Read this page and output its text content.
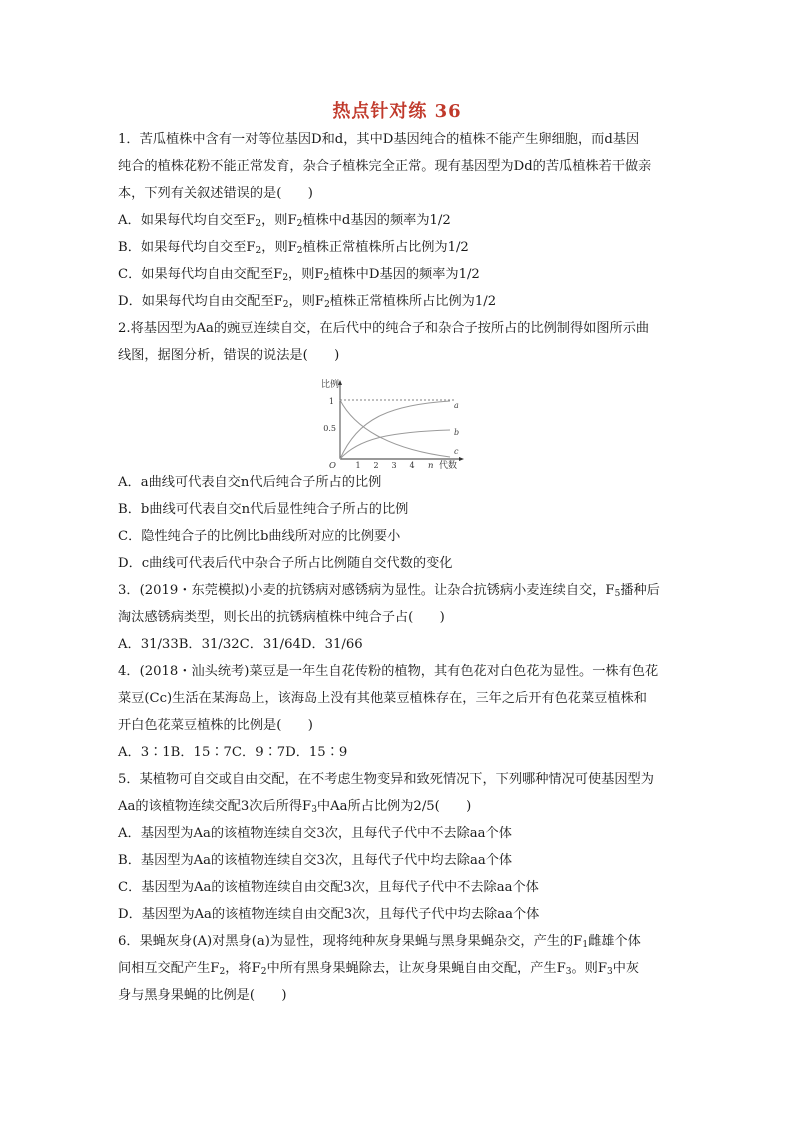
热点针对练 36
1．苦瓜植株中含有一对等位基因D和d，其中D基因纯合的植株不能产生卵细胞，而d基因
纯合的植株花粉不能正常发育，杂合子植株完全正常。现有基因型为Dd的苦瓜植株若干做亲
本，下列有关叙述错误的是(　　)
A．如果每代均自交至$F_2$，则$F_2$植株中d基因的频率为1/2
B．如果每代均自交至$F_2$，则$F_2$植株正常植株所占比例为1/2
C．如果每代均自由交配至$F_2$，则$F_2$植株中D基因的频率为1/2
D．如果每代均自由交配至$F_2$，则$F_2$植株正常植株所占比例为1/2
2.将基因型为Aa的豌豆连续自交，在后代中的纯合子和杂合子按所占的比例制得如图所示曲
线图，据图分析，错误的说法是(　　)
比例
1
0.5
O 1 2 3 4 n 代数
a
b
c
A．a曲线可代表自交n代后纯合子所占的比例
B．b曲线可代表自交n代后显性纯合子所占的比例
C．隐性纯合子的比例比b曲线所对应的比例要小
D．c曲线可代表后代中杂合子所占比例随自交代数的变化
3．(2019・东莞模拟)小麦的抗锈病对感锈病为显性。让杂合抗锈病小麦连续自交，$F_5$播种后
淘汰感锈病类型，则长出的抗锈病植株中纯合子占(　　)
A．31/33B．31/32C．31/64D．31/66
4．(2018・汕头统考)菜豆是一年生自花传粉的植物，其有色花对白色花为显性。一株有色花
菜豆(Cc)生活在某海岛上，该海岛上没有其他菜豆植株存在，三年之后开有色花菜豆植株和
开白色花菜豆植株的比例是(　　)
A．3∶1B．15∶7C．9∶7D．15∶9
5．某植物可自交或自由交配，在不考虑生物变异和致死情况下，下列哪种情况可使基因型为
Aa的该植物连续交配3次后所得$F_3$中Aa所占比例为2/5(　　)
A．基因型为Aa的该植物连续自交3次，且每代子代中不去除aa个体
B．基因型为Aa的该植物连续自交3次，且每代子代中均去除aa个体
C．基因型为Aa的该植物连续自由交配3次，且每代子代中不去除aa个体
D．基因型为Aa的该植物连续自由交配3次，且每代子代中均去除aa个体
6．果蝇灰身(A)对黑身(a)为显性，现将纯种灰身果蝇与黑身果蝇杂交，产生的$F_1$雌雄个体
间相互交配产生$F_2$，将$F_2$中所有黑身果蝇除去，让灰身果蝇自由交配，产生$F_3$。则$F_3$中灰
身与黑身果蝇的比例是(　　)
